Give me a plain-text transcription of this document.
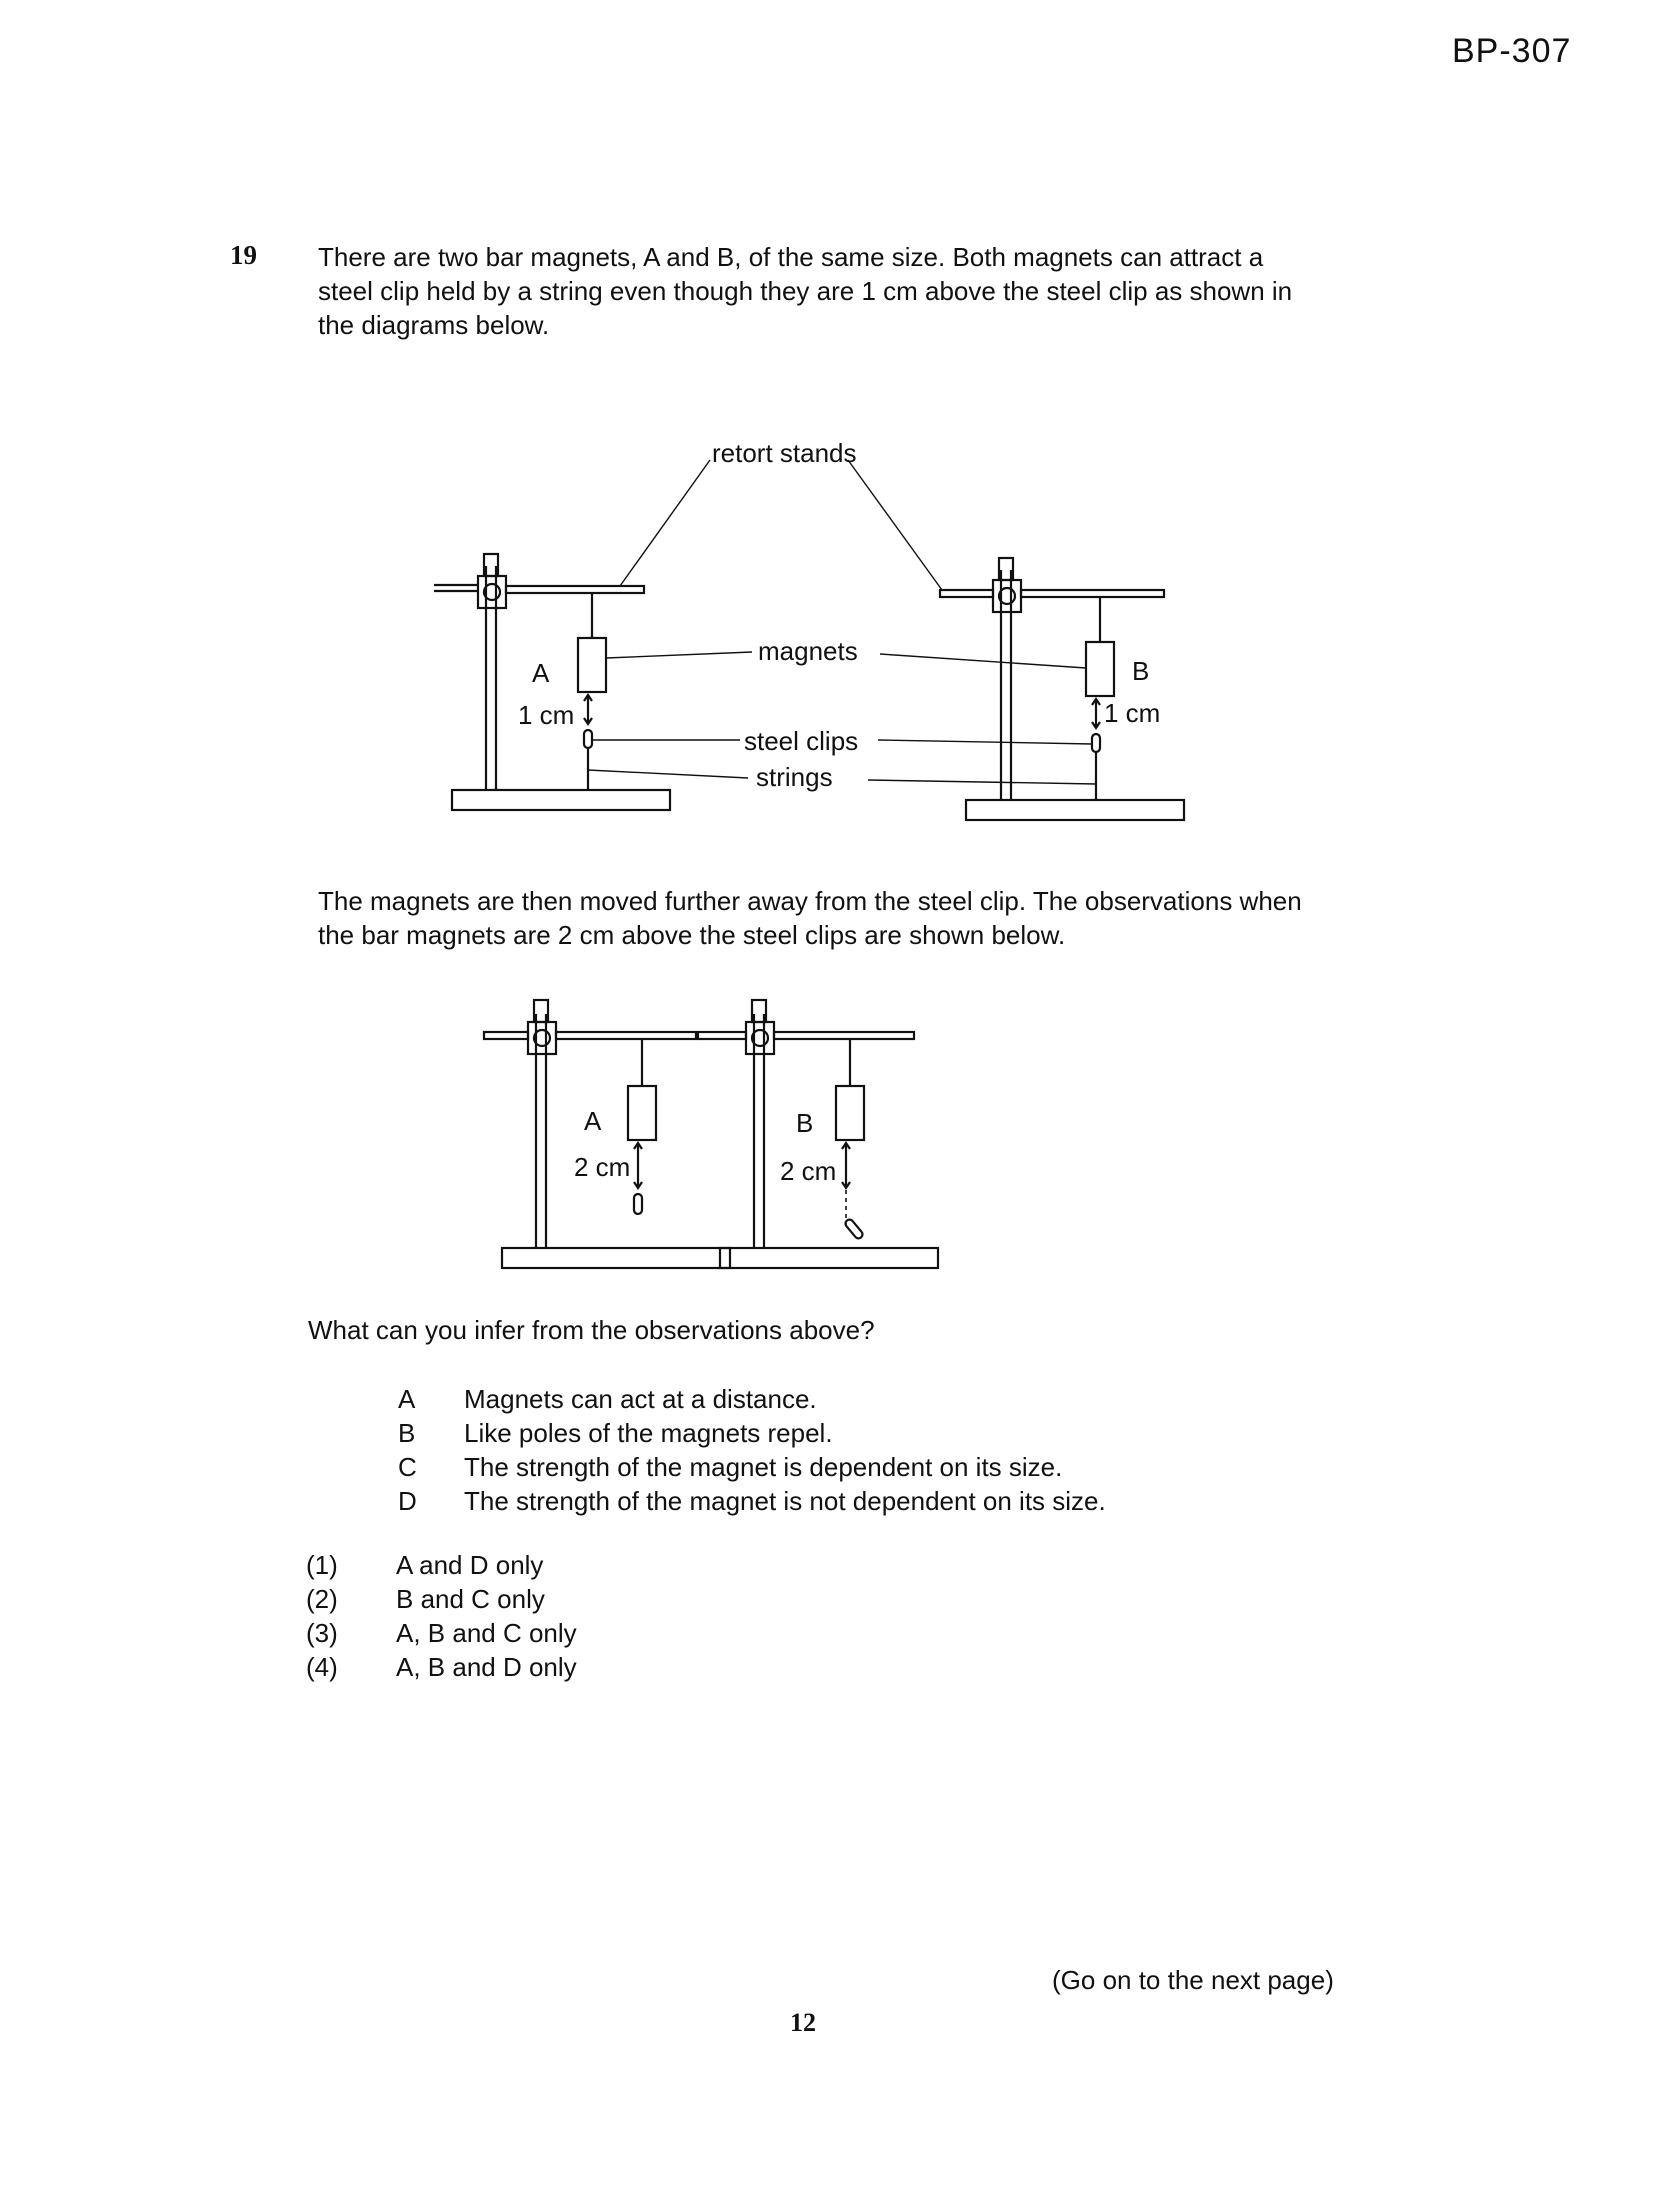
BP-307
19 There are two bar magnets, A and B, of the same size. Both magnets can attract a

steel clip held by a string even though they are 1 cm above the steel clip as shown in

the diagrams below.

retort stands
magnets
steel clips
strings
A
1 cm
B
1 cm

The magnets are then moved further away from the steel clip. The observations when

the bar magnets are 2 cm above the steel clips are shown below.

A
2 cm
B
2 cm
What can you infer from the observations above?
A	Magnets can act at a distance.
B	Like poles of the magnets repel.
C	The strength of the magnet is dependent on its size.
D	The strength of the magnet is not dependent on its size.
(1)	A and D only
(2)	B and C only
(3)	A, B and C only
(4)	A, B and D only
(Go on to the next page)
12
